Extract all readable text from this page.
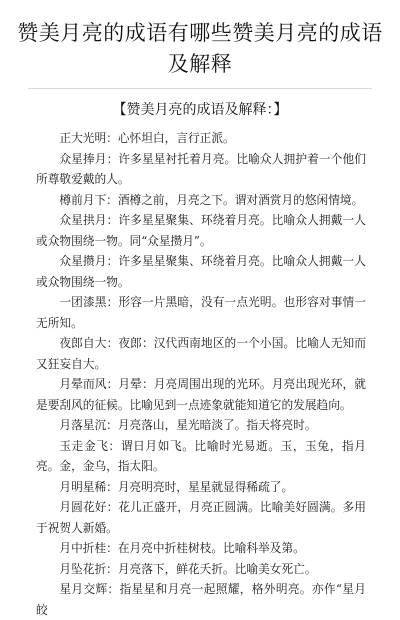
赞美月亮的成语有哪些赞美月亮的成语
及解释
【赞美月亮的成语及解释：】

正大光明：心怀坦白，言行正派。

众星捧月：许多星星衬托着月亮。比喻众人拥护着一个他们所尊敬爱戴的人。

樽前月下：酒樽之前，月亮之下。谓对酒赏月的悠闲情境。

众星拱月：许多星星聚集、环绕着月亮。比喻众人拥戴一人或众物围绕一物。同“众星攒月”。

众星攒月：许多星星聚集、环绕着月亮。比喻众人拥戴一人或众物围绕一物。

一团漆黑：形容一片黑暗，没有一点光明。也形容对事情一无所知。

夜郎自大：夜郎：汉代西南地区的一个小国。比喻人无知而又狂妄自大。

月晕而风：月晕：月亮周围出现的光环。月亮出现光环，就是要刮风的征候。比喻见到一点迹象就能知道它的发展趋向。

月落星沉：月亮落山，星光暗淡了。指天将亮时。

玉走金飞：谓日月如飞。比喻时光易逝。玉，玉兔，指月亮。金，金乌，指太阳。

月明星稀：月亮明亮时，星星就显得稀疏了。

月圆花好：花儿正盛开，月亮正圆满。比喻美好圆满。多用于祝贺人新婚。

月中折桂：在月亮中折桂树枝。比喻科举及第。

月坠花折：月亮落下，鲜花夭折。比喻美女死亡。

星月交辉：指星星和月亮一起照耀，格外明亮。亦作“星月皎
